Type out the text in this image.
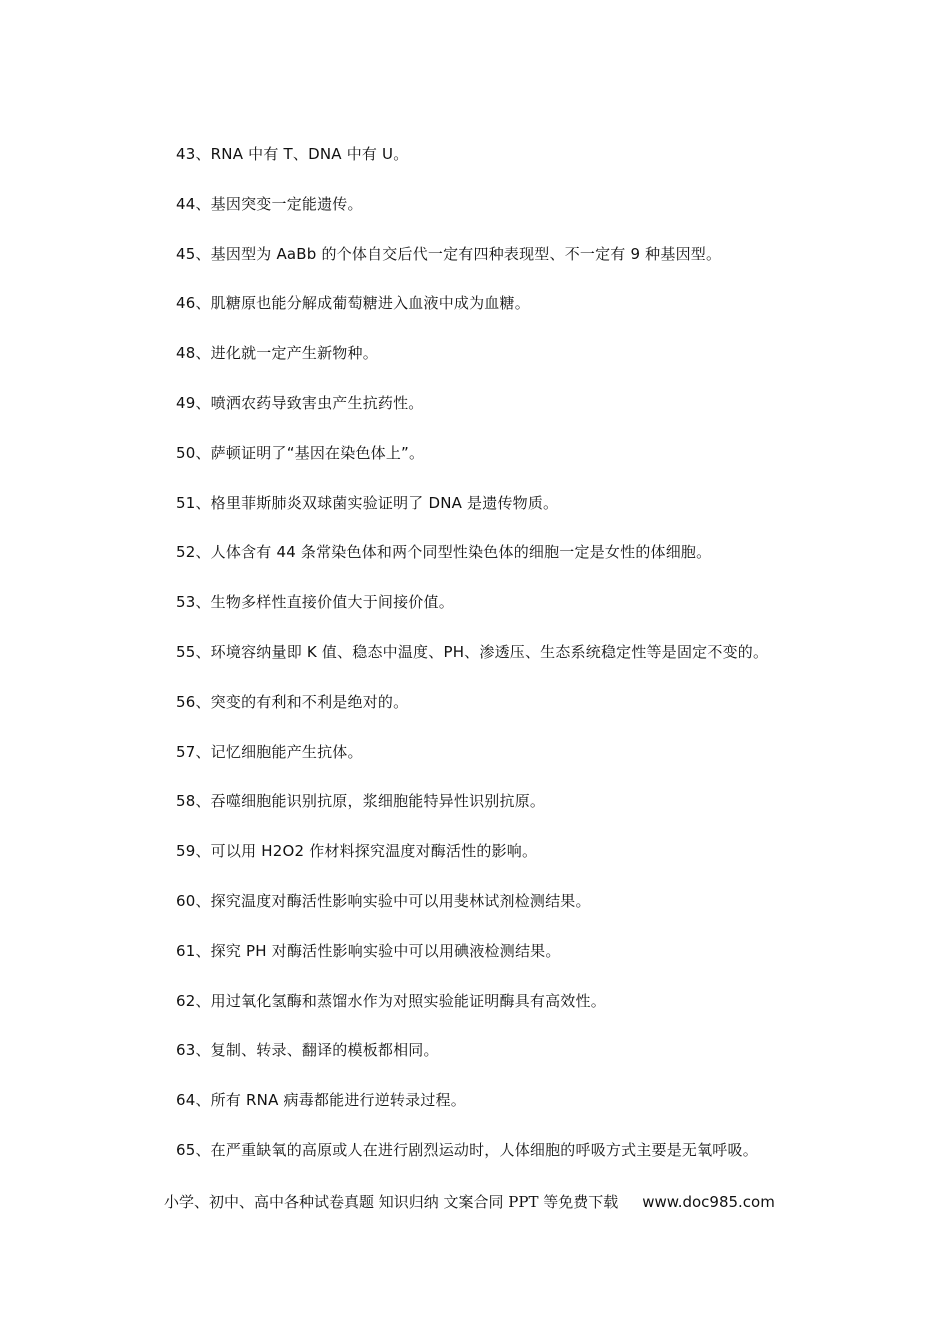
43、RNA 中有 T、DNA 中有 U。
44、基因突变一定能遗传。
45、基因型为 AaBb 的个体自交后代一定有四种表现型、不一定有 9 种基因型。
46、肌糖原也能分解成葡萄糖进入血液中成为血糖。
48、进化就一定产生新物种。
49、喷洒农药导致害虫产生抗药性。
50、萨顿证明了“基因在染色体上”。
51、格里菲斯肺炎双球菌实验证明了 DNA 是遗传物质。
52、人体含有 44 条常染色体和两个同型性染色体的细胞一定是女性的体细胞。
53、生物多样性直接价值大于间接价值。
55、环境容纳量即 K 值、稳态中温度、PH、渗透压、生态系统稳定性等是固定不变的。
56、突变的有利和不利是绝对的。
57、记忆细胞能产生抗体。
58、吞噬细胞能识别抗原，浆细胞能特异性识别抗原。
59、可以用 H2O2 作材料探究温度对酶活性的影响。
60、探究温度对酶活性影响实验中可以用斐林试剂检测结果。
61、探究 PH 对酶活性影响实验中可以用碘液检测结果。
62、用过氧化氢酶和蒸馏水作为对照实验能证明酶具有高效性。
63、复制、转录、翻译的模板都相同。
64、所有 RNA 病毒都能进行逆转录过程。
65、在严重缺氧的高原或人在进行剧烈运动时，人体细胞的呼吸方式主要是无氧呼吸。
小学、初中、高中各种试卷真题 知识归纳 文案合同 PPT 等免费下载 www.doc985.com
